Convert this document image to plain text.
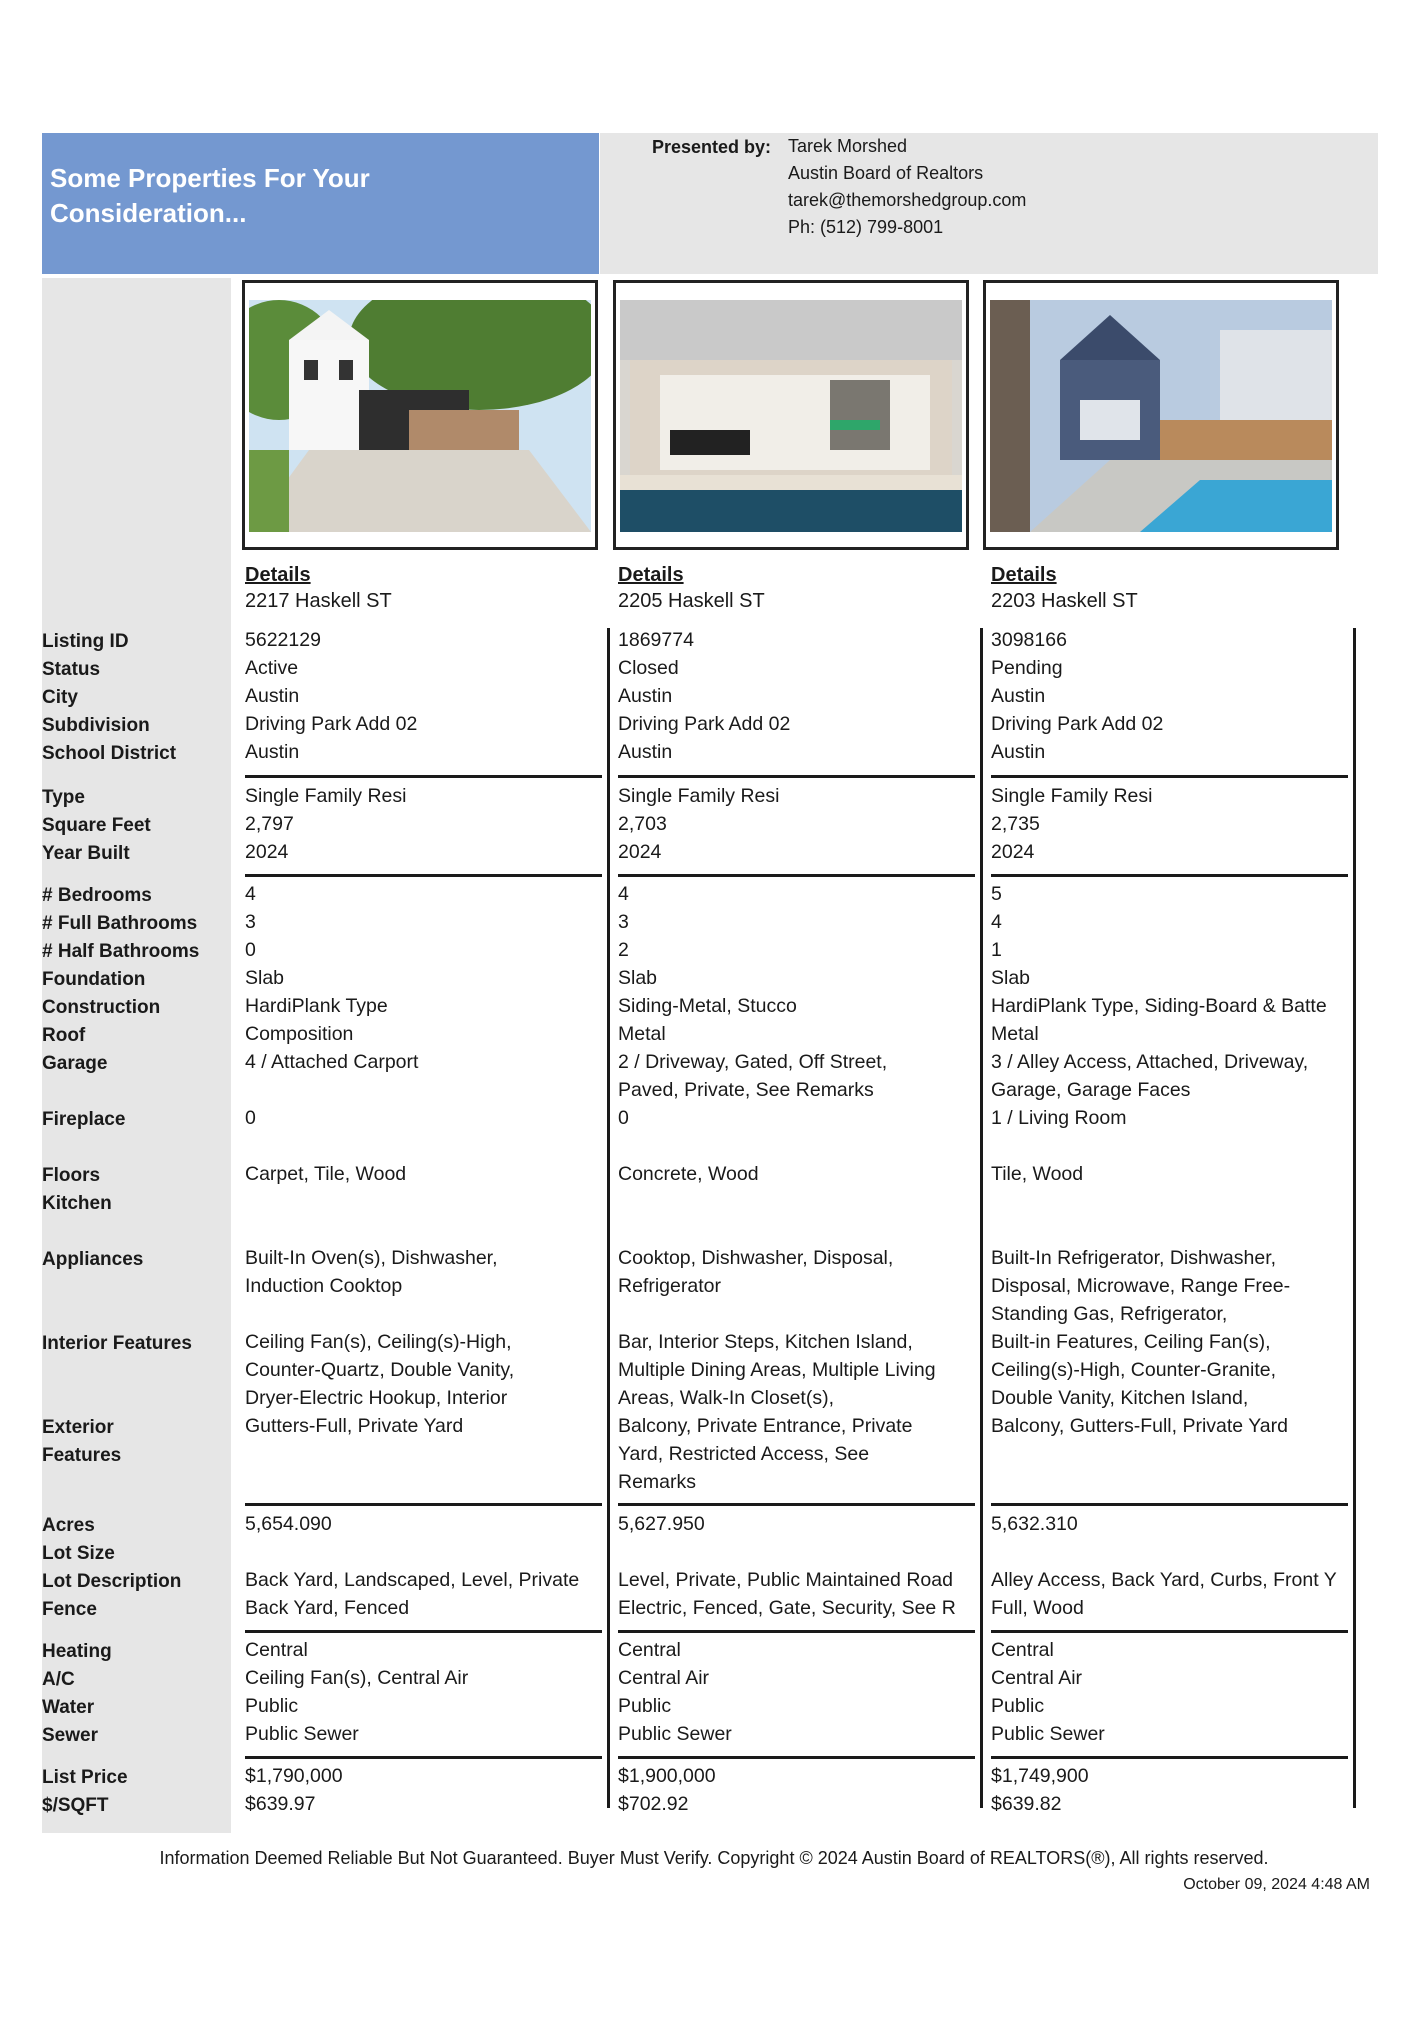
Some Properties For Your Consideration...
Presented by: Tarek Morshed
Austin Board of Realtors
tarek@themorshedgroup.com
Ph: (512) 799-8001
Details
2217 Haskell ST
Details
2205 Haskell ST
Details
2203 Haskell ST
Listing ID
Status
City
Subdivision
School District
Type
Square Feet
Year Built
# Bedrooms
# Full Bathrooms
# Half Bathrooms
Foundation
Construction
Roof
Garage
Fireplace
Floors
Kitchen
Appliances
Interior Features
Exterior
Features
Acres
Lot Size
Lot Description
Fence
Heating
A/C
Water
Sewer
List Price
$/SQFT
5622129
Active
Austin
Driving Park Add 02
Austin
Single Family Resi
2,797
2024
4
3
0
Slab
HardiPlank Type
Composition
4 / Attached Carport
0
Carpet, Tile, Wood
Built-In Oven(s), Dishwasher, Induction Cooktop
Ceiling Fan(s), Ceiling(s)-High, Counter-Quartz, Double Vanity, Dryer-Electric Hookup, Interior
Gutters-Full, Private Yard
5,654.090
Back Yard, Landscaped, Level, Private
Back Yard, Fenced
Central
Ceiling Fan(s), Central Air
Public
Public Sewer
$1,790,000
$639.97
1869774
Closed
Austin
Driving Park Add 02
Austin
Single Family Resi
2,703
2024
4
3
2
Slab
Siding-Metal, Stucco
Metal
2 / Driveway, Gated, Off Street, Paved, Private, See Remarks
0
Concrete, Wood
Cooktop, Dishwasher, Disposal, Refrigerator
Bar, Interior Steps, Kitchen Island, Multiple Dining Areas, Multiple Living Areas, Walk-In Closet(s),
Balcony, Private Entrance, Private Yard, Restricted Access, See Remarks
5,627.950
Level, Private, Public Maintained Road
Electric, Fenced, Gate, Security, See R
Central
Central Air
Public
Public Sewer
$1,900,000
$702.92
3098166
Pending
Austin
Driving Park Add 02
Austin
Single Family Resi
2,735
2024
5
4
1
Slab
HardiPlank Type, Siding-Board & Batte
Metal
3 / Alley Access, Attached, Driveway, Garage, Garage Faces
1 / Living Room
Tile, Wood
Built-In Refrigerator, Dishwasher, Disposal, Microwave, Range Free-Standing Gas, Refrigerator,
Built-in Features, Ceiling Fan(s), Ceiling(s)-High, Counter-Granite, Double Vanity, Kitchen Island,
Balcony, Gutters-Full, Private Yard
5,632.310
Alley Access, Back Yard, Curbs, Front Y
Full, Wood
Central
Central Air
Public
Public Sewer
$1,749,900
$639.82
Information Deemed Reliable But Not Guaranteed. Buyer Must Verify. Copyright © 2024 Austin Board of REALTORS(®), All rights reserved.
October 09, 2024 4:48 AM
